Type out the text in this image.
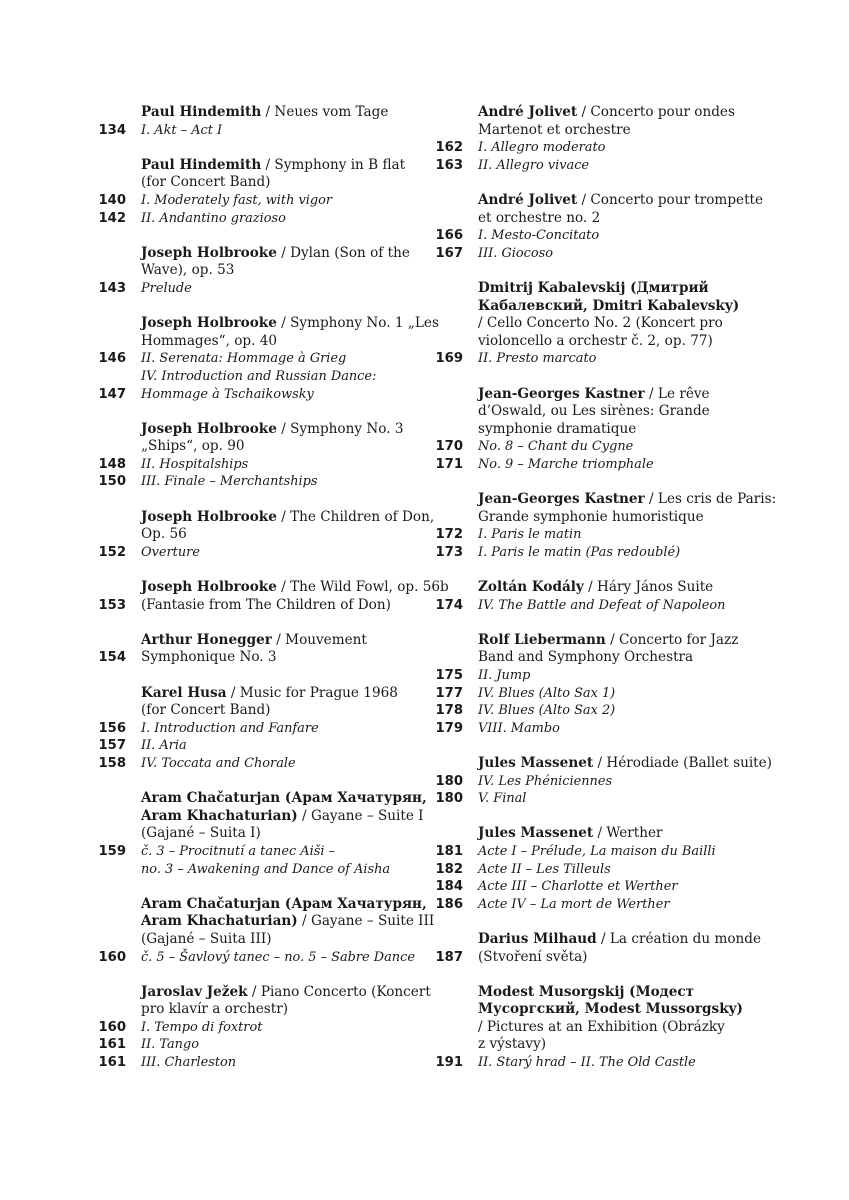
Paul Hindemith / Neues vom Tage
134 I. Akt – Act I
Paul Hindemith / Symphony in B flat
(for Concert Band)
140 I. Moderately fast, with vigor
142 II. Andantino grazioso
Joseph Holbrooke / Dylan (Son of the
Wave), op. 53
143 Prelude
Joseph Holbrooke / Symphony No. 1 „Les
Hommages“, op. 40
146 II. Serenata: Hommage à Grieg
IV. Introduction and Russian Dance:
147 Hommage à Tschaikowsky
Joseph Holbrooke / Symphony No. 3
„Ships“, op. 90
148 II. Hospitalships
150 III. Finale – Merchantships
Joseph Holbrooke / The Children of Don,
Op. 56
152 Overture
Joseph Holbrooke / The Wild Fowl, op. 56b
153 (Fantasie from The Children of Don)
Arthur Honegger / Mouvement
154 Symphonique No. 3
Karel Husa / Music for Prague 1968
(for Concert Band)
156 I. Introduction and Fanfare
157 II. Aria
158 IV. Toccata and Chorale
Aram Chačaturjan (Арам Хачатурян,
Aram Khachaturian) / Gayane – Suite I
(Gajané – Suita I)
159 č. 3 – Procitnutí a tanec Aiši –
no. 3 – Awakening and Dance of Aisha
Aram Chačaturjan (Арам Хачатурян,
Aram Khachaturian) / Gayane – Suite III
(Gajané – Suita III)
160 č. 5 – Šavlový tanec – no. 5 – Sabre Dance
Jaroslav Ježek / Piano Concerto (Koncert
pro klavír a orchestr)
160 I. Tempo di foxtrot
161 II. Tango
161 III. Charleston
André Jolivet / Concerto pour ondes
Martenot et orchestre
162 I. Allegro moderato
163 II. Allegro vivace
André Jolivet / Concerto pour trompette
et orchestre no. 2
166 I. Mesto-Concitato
167 III. Giocoso
Dmitrij Kabalevskij (Дмитрий
Кабалевский, Dmitri Kabalevsky)
/ Cello Concerto No. 2 (Koncert pro
violoncello a orchestr č. 2, op. 77)
169 II. Presto marcato
Jean-Georges Kastner / Le rêve
d’Oswald, ou Les sirènes: Grande
symphonie dramatique
170 No. 8 – Chant du Cygne
171 No. 9 – Marche triomphale
Jean-Georges Kastner / Les cris de Paris:
Grande symphonie humoristique
172 I. Paris le matin
173 I. Paris le matin (Pas redoublé)
Zoltán Kodály / Háry János Suite
174 IV. The Battle and Defeat of Napoleon
Rolf Liebermann / Concerto for Jazz
Band and Symphony Orchestra
175 II. Jump
177 IV. Blues (Alto Sax 1)
178 IV. Blues (Alto Sax 2)
179 VIII. Mambo
Jules Massenet / Hérodiade (Ballet suite)
180 IV. Les Phéniciennes
180 V. Final
Jules Massenet / Werther
181 Acte I – Prélude, La maison du Bailli
182 Acte II – Les Tilleuls
184 Acte III – Charlotte et Werther
186 Acte IV – La mort de Werther
Darius Milhaud / La création du monde
187 (Stvoření světa)
Modest Musorgskij (Модест
Мусоргский, Modest Mussorgsky)
/ Pictures at an Exhibition (Obrázky
z výstavy)
191 II. Starý hrad – II. The Old Castle
